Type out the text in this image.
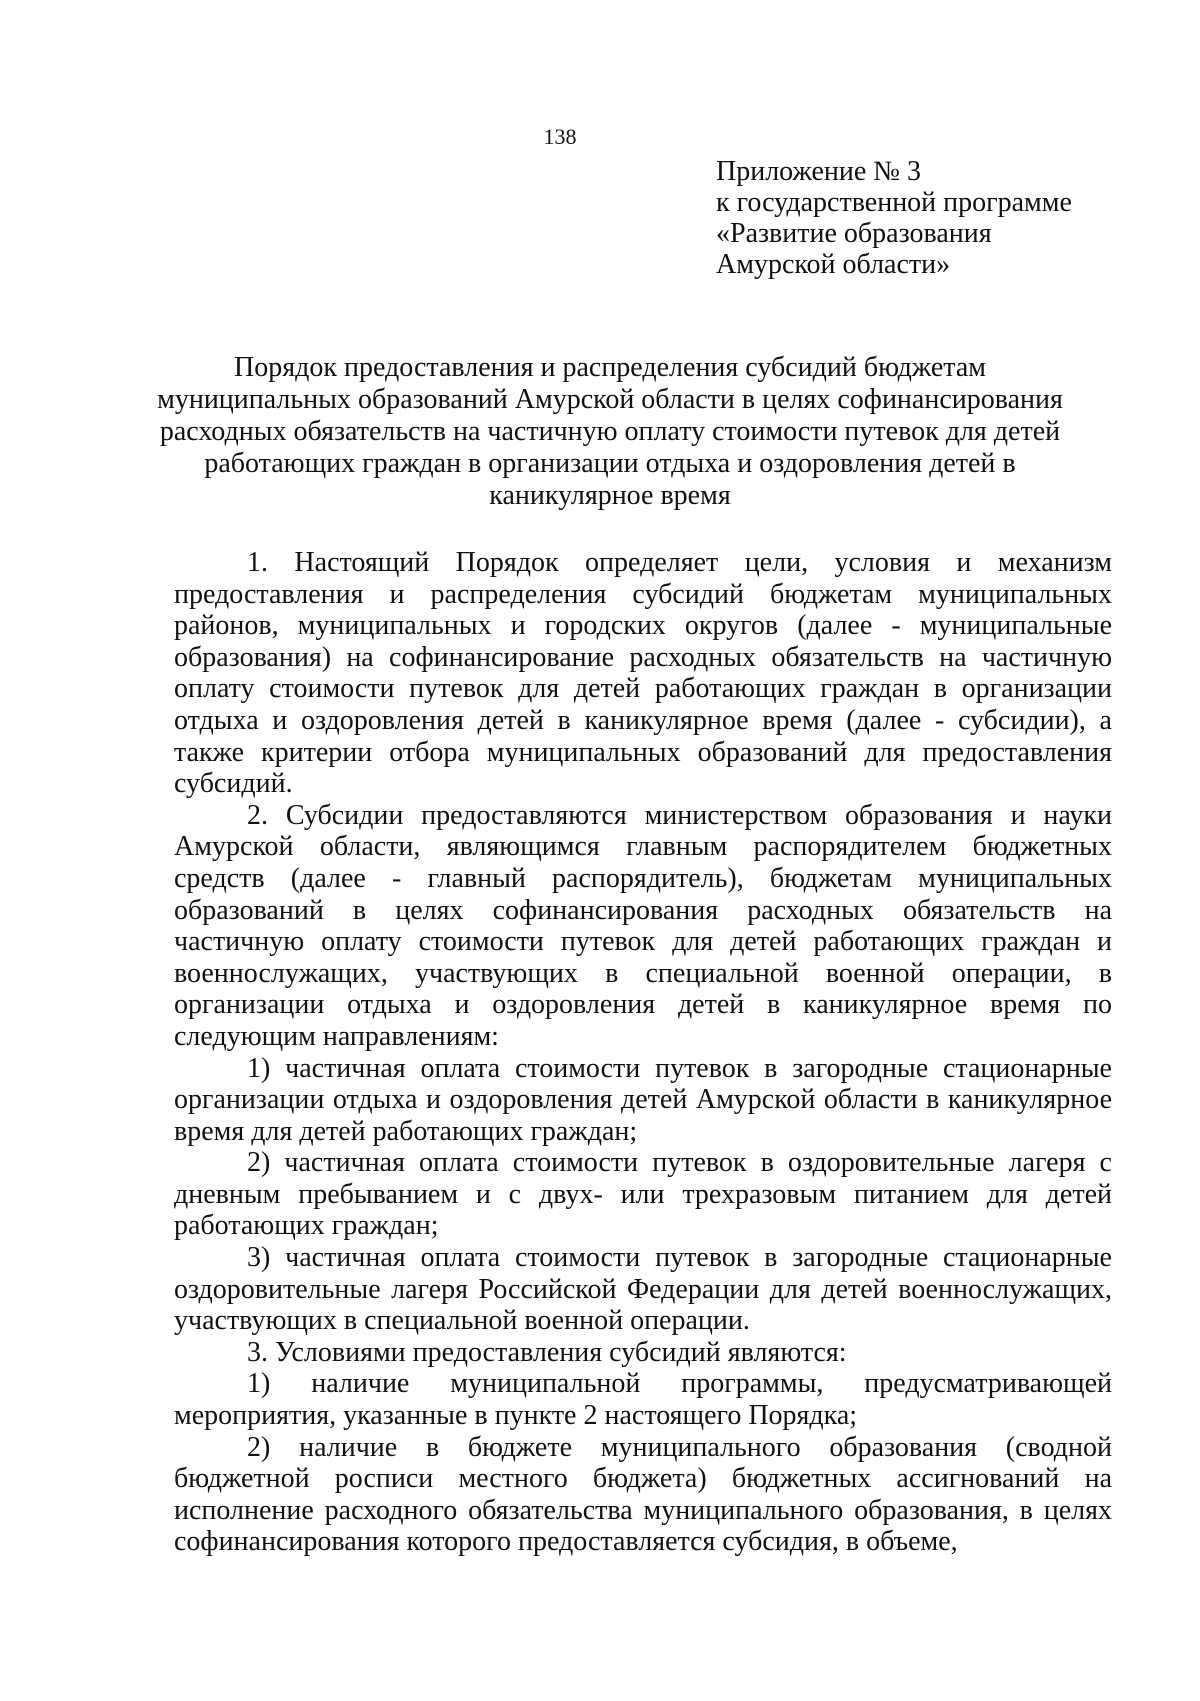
138
Приложение № 3
к государственной программе
«Развитие образования
Амурской области»
Порядок предоставления и распределения субсидий бюджетам
муниципальных образований Амурской области в целях софинансирования
расходных обязательств на частичную оплату стоимости путевок для детей
работающих граждан в организации отдыха и оздоровления детей в
каникулярное время
1. Настоящий Порядок определяет цели, условия и механизм
предоставления и распределения субсидий бюджетам муниципальных
районов, муниципальных и городских округов (далее - муниципальные
образования) на софинансирование расходных обязательств на частичную
оплату стоимости путевок для детей работающих граждан в организации
отдыха и оздоровления детей в каникулярное время (далее - субсидии), а
также критерии отбора муниципальных образований для предоставления
субсидий.
2. Субсидии предоставляются министерством образования и науки
Амурской области, являющимся главным распорядителем бюджетных
средств (далее - главный распорядитель), бюджетам муниципальных
образований в целях софинансирования расходных обязательств на
частичную оплату стоимости путевок для детей работающих граждан и
военнослужащих, участвующих в специальной военной операции, в
организации отдыха и оздоровления детей в каникулярное время по
следующим направлениям:
1) частичная оплата стоимости путевок в загородные стационарные
организации отдыха и оздоровления детей Амурской области в каникулярное
время для детей работающих граждан;
2) частичная оплата стоимости путевок в оздоровительные лагеря с
дневным пребыванием и с двух- или трехразовым питанием для детей
работающих граждан;
3) частичная оплата стоимости путевок в загородные стационарные
оздоровительные лагеря Российской Федерации для детей военнослужащих,
участвующих в специальной военной операции.
3. Условиями предоставления субсидий являются:
1) наличие муниципальной программы, предусматривающей
мероприятия, указанные в пункте 2 настоящего Порядка;
2) наличие в бюджете муниципального образования (сводной
бюджетной росписи местного бюджета) бюджетных ассигнований на
исполнение расходного обязательства муниципального образования, в целях
софинансирования которого предоставляется субсидия, в объеме,
